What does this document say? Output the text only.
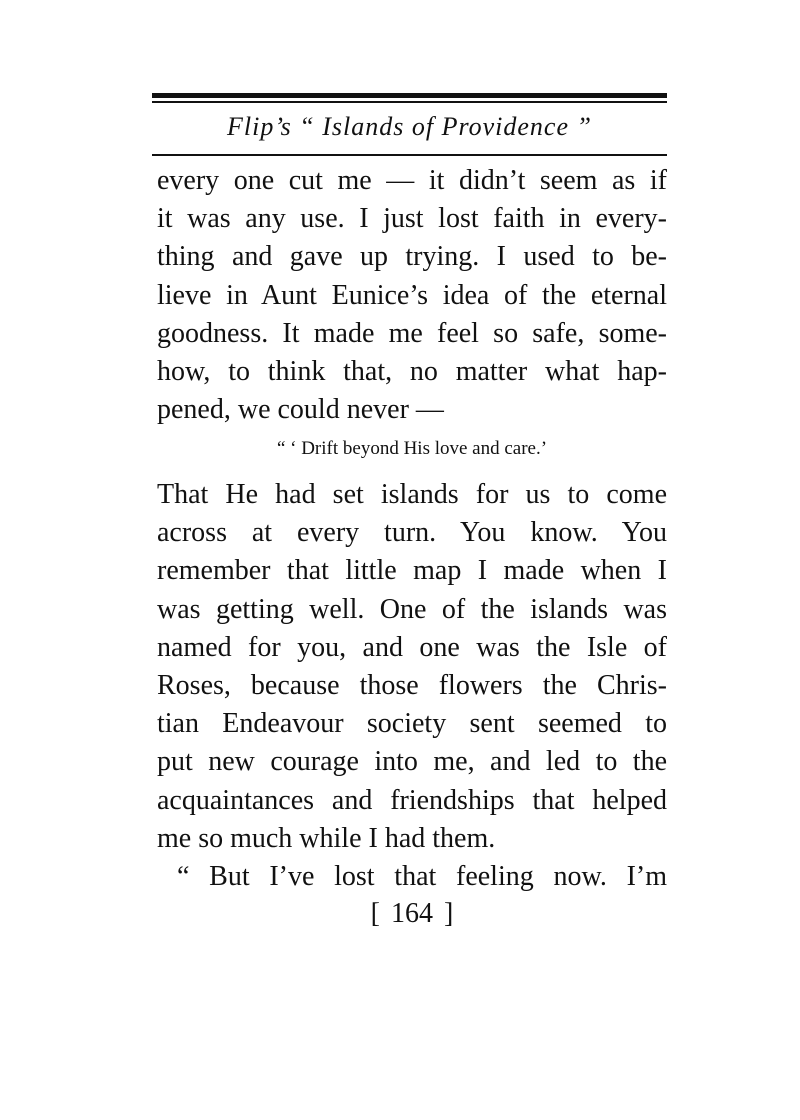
Flip’s “ Islands of Providence ”
every one cut me — it didn’t seem as if
it was any use. I just lost faith in every-
thing and gave up trying. I used to be-
lieve in Aunt Eunice’s idea of the eternal
goodness. It made me feel so safe, some-
how, to think that, no matter what hap-
pened, we could never —
“ ‘ Drift beyond His love and care.’
That He had set islands for us to come
across at every turn. You know. You
remember that little map I made when I
was getting well. One of the islands was
named for you, and one was the Isle of
Roses, because those flowers the Chris-
tian Endeavour society sent seemed to
put new courage into me, and led to the
acquaintances and friendships that helped
me so much while I had them.
“ But I’ve lost that feeling now. I’m
[ 164 ]
